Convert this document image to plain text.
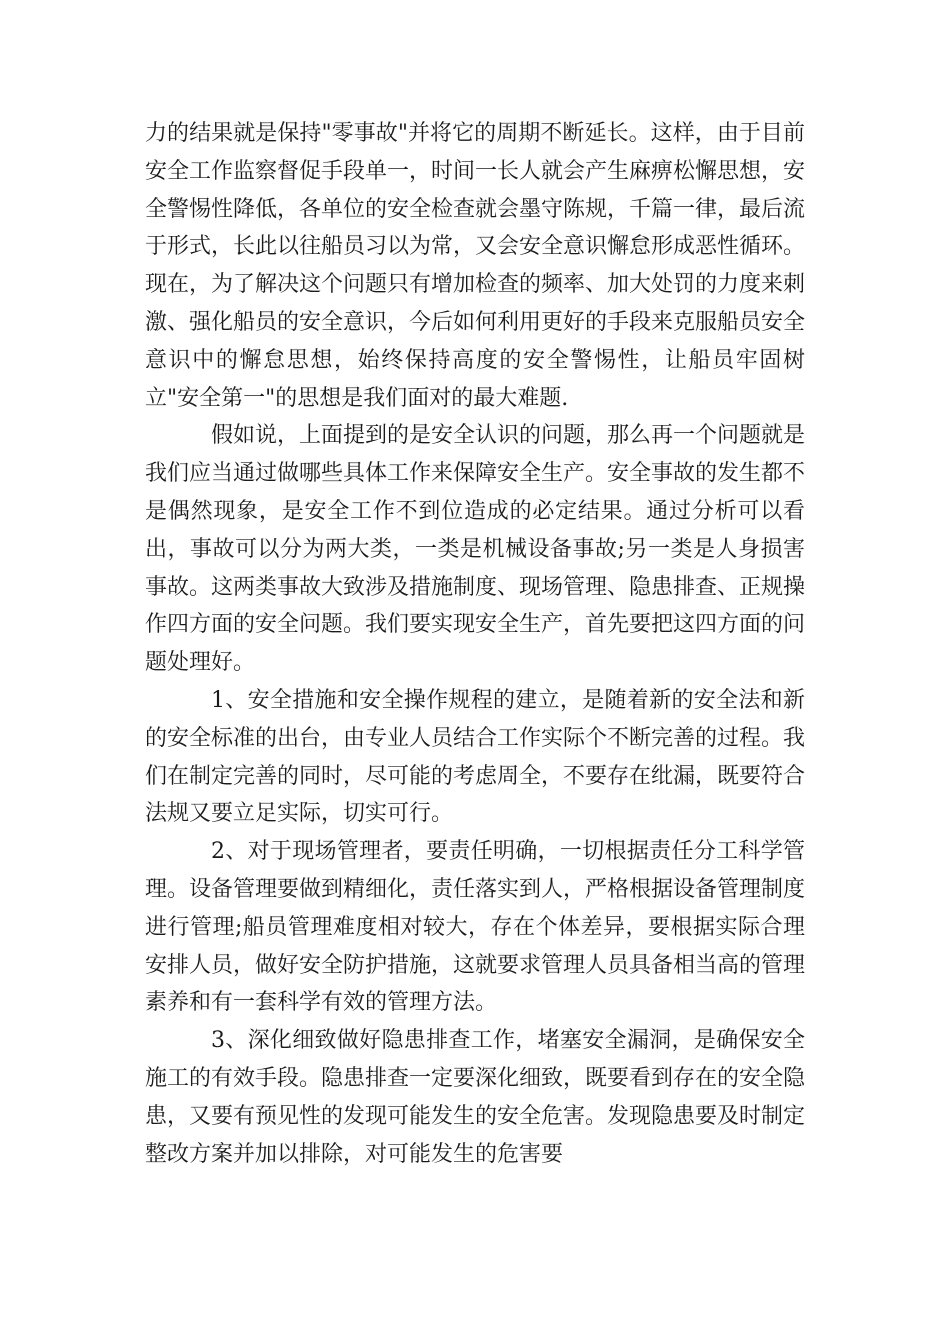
力的结果就是保持"零事故"并将它的周期不断延长。这样，由于目前安全工作监察督促手段单一，时间一长人就会产生麻痹松懈思想，安全警惕性降低，各单位的安全检查就会墨守陈规，千篇一律，最后流于形式，长此以往船员习以为常，又会安全意识懈怠形成恶性循环。现在，为了解决这个问题只有增加检查的频率、加大处罚的力度来刺激、强化船员的安全意识，今后如何利用更好的手段来克服船员安全意识中的懈怠思想，始终保持高度的安全警惕性，让船员牢固树立"安全第一"的思想是我们面对的最大难题.

假如说，上面提到的是安全认识的问题，那么再一个问题就是我们应当通过做哪些具体工作来保障安全生产。安全事故的发生都不是偶然现象，是安全工作不到位造成的必定结果。通过分析可以看出，事故可以分为两大类，一类是机械设备事故;另一类是人身损害事故。这两类事故大致涉及措施制度、现场管理、隐患排查、正规操作四方面的安全问题。我们要实现安全生产，首先要把这四方面的问题处理好。

1、安全措施和安全操作规程的建立，是随着新的安全法和新的安全标准的出台，由专业人员结合工作实际个不断完善的过程。我们在制定完善的同时，尽可能的考虑周全，不要存在纰漏，既要符合法规又要立足实际，切实可行。

2、对于现场管理者，要责任明确，一切根据责任分工科学管理。设备管理要做到精细化，责任落实到人，严格根据设备管理制度进行管理;船员管理难度相对较大，存在个体差异，要根据实际合理安排人员，做好安全防护措施，这就要求管理人员具备相当高的管理素养和有一套科学有效的管理方法。

3、深化细致做好隐患排查工作，堵塞安全漏洞，是确保安全施工的有效手段。隐患排查一定要深化细致，既要看到存在的安全隐患，又要有预见性的发现可能发生的安全危害。发现隐患要及时制定整改方案并加以排除，对可能发生的危害要
